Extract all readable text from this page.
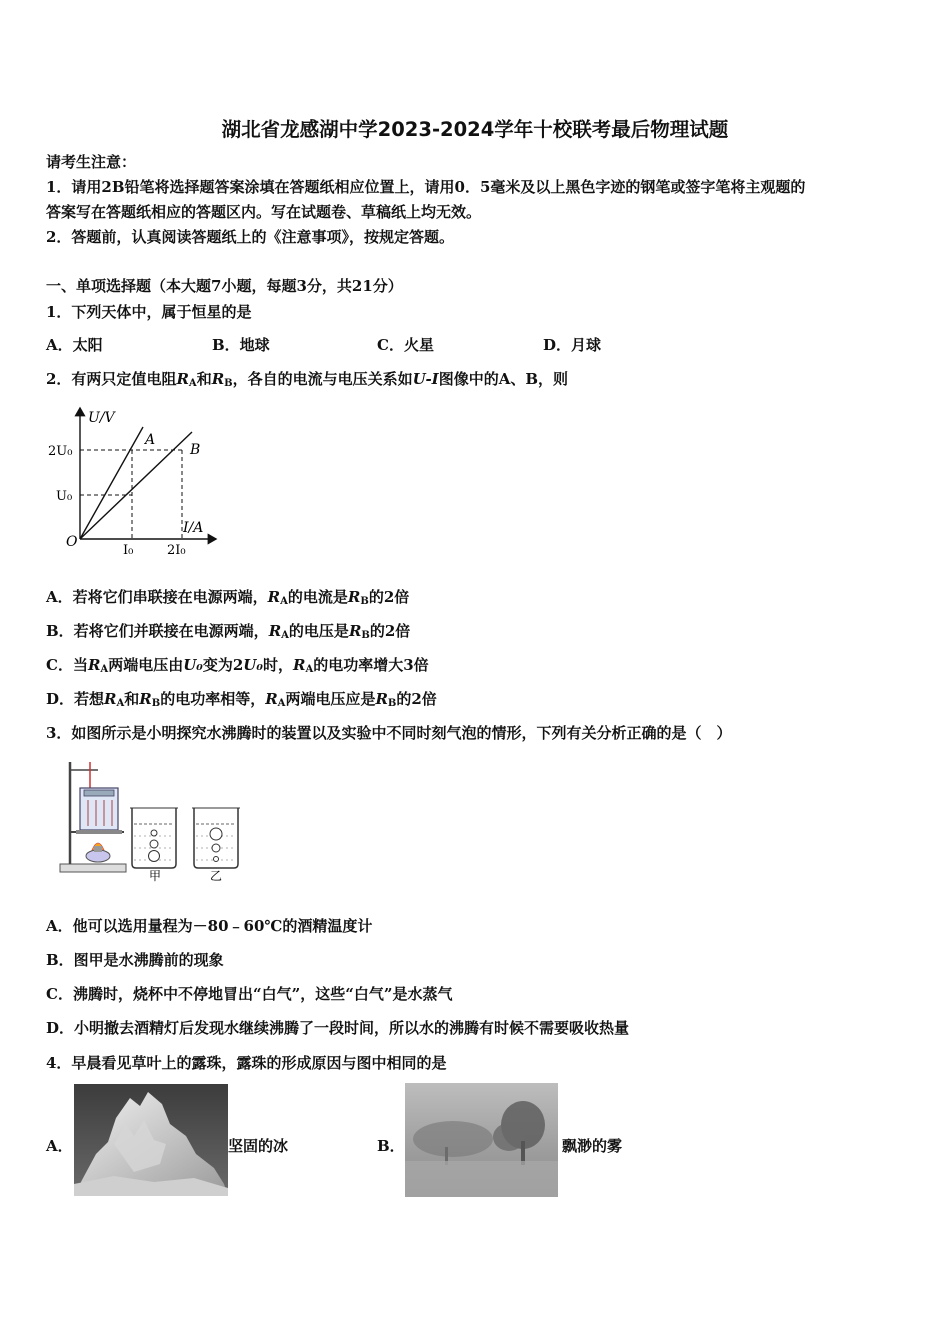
湖北省龙感湖中学2023-2024学年十校联考最后物理试题
请考生注意：
1．请用2B铅笔将选择题答案涂填在答题纸相应位置上，请用0．5毫米及以上黑色字迹的钢笔或签字笔将主观题的
答案写在答题纸相应的答题区内。写在试题卷、草稿纸上均无效。
2．答题前，认真阅读答题纸上的《注意事项》，按规定答题。
一、单项选择题（本大题7小题，每题3分，共21分）
1．下列天体中，属于恒星的是
A．太阳	B．地球	C．火星	D．月球
2．有两只定值电阻$R_A$和$R_B$，各自的电流与电压关系如U-I图像中的A、B，则
U/V
I/A
O
2U₀
U₀
I₀	2I₀
A
B
A．若将它们串联接在电源两端，$R_A$的电流是$R_B$的2倍
B．若将它们并联接在电源两端，$R_A$的电压是$R_B$的2倍
C．当$R_A$两端电压由U₀变为2U₀时，$R_A$的电功率增大3倍
D．若想$R_A$和$R_B$的电功率相等，$R_A$两端电压应是$R_B$的2倍
3．如图所示是小明探究水沸腾时的装置以及实验中不同时刻气泡的情形，下列有关分析正确的是（　）
甲	乙
A．他可以选用量程为－80﹣60℃的酒精温度计
B．图甲是水沸腾前的现象
C．沸腾时，烧杯中不停地冒出“白气”，这些“白气”是水蒸气
D．小明撤去酒精灯后发现水继续沸腾了一段时间，所以水的沸腾有时候不需要吸收热量
4．早晨看见草叶上的露珠，露珠的形成原因与图中相同的是
A．	坚固的冰	B．	飘渺的雾
